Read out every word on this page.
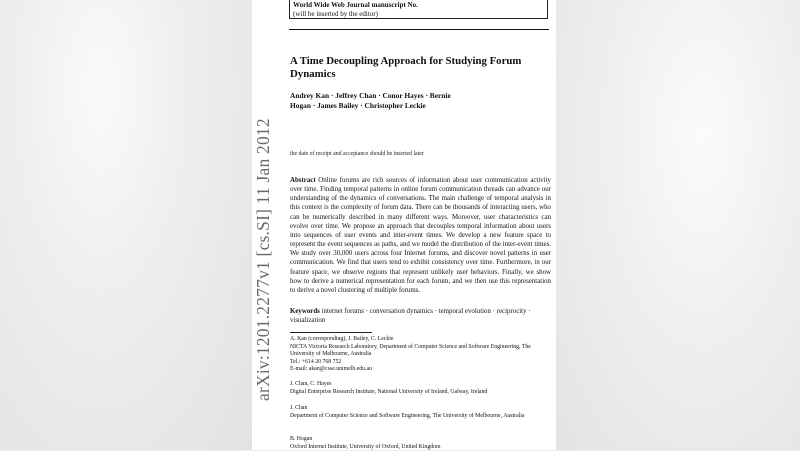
arXiv:1201.2277v1 [cs.SI] 11 Jan 2012
World Wide Web Journal manuscript No.
(will be inserted by the editor)
A Time Decoupling Approach for Studying Forum Dynamics
Andrey Kan · Jeffrey Chan · Conor Hayes · Bernie Hogan · James Bailey · Christopher Leckie
the date of receipt and acceptance should be inserted later
Abstract Online forums are rich sources of information about user communication activity over time. Finding temporal patterns in online forum communication threads can advance our understanding of the dynamics of conversations. The main challenge of temporal analysis in this context is the complexity of forum data. There can be thousands of interacting users, who can be numerically described in many different ways. Moreover, user characteristics can evolve over time. We propose an approach that decouples temporal information about users into sequences of user events and inter-event times. We develop a new feature space to represent the event sequences as paths, and we model the distribution of the inter-event times. We study over 30,000 users across four Internet forums, and discover novel patterns in user communication. We find that users tend to exhibit consistency over time. Furthermore, in our feature space, we observe regions that represent unlikely user behaviors. Finally, we show how to derive a numerical representation for each forum, and we then use this representation to derive a novel clustering of multiple forums.
Keywords internet forums · conversation dynamics · temporal evolution · reciprocity · visualization
A. Kan (corresponding), J. Bailey, C. Leckie
NICTA Victoria Research Laboratory, Department of Computer Science and Software Engineering, The University of Melbourne, Australia
Tel.: +614 20 768 752
E-mail: akan@csse.unimelb.edu.au
J. Chan, C. Hayes
Digital Enterprise Research Institute, National University of Ireland, Galway, Ireland
J. Chan
Department of Computer Science and Software Engineering, The University of Melbourne, Australia
B. Hogan
Oxford Internet Institute, University of Oxford, United Kingdom
